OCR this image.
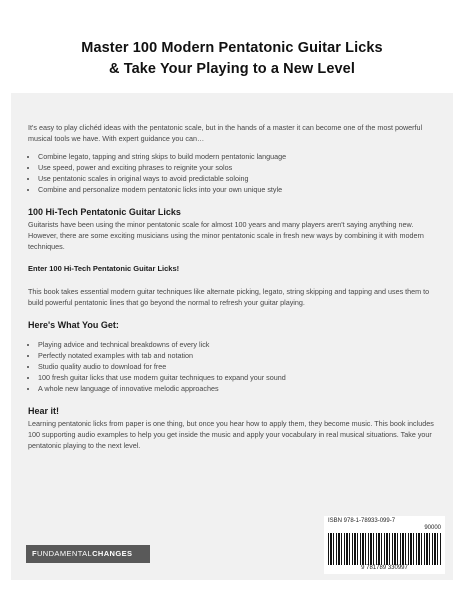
Master 100 Modern Pentatonic Guitar Licks
& Take Your Playing to a New Level

It's easy to play clichéd ideas with the pentatonic scale, but in the hands of a master it can become one of the most powerful musical tools we have. With expert guidance you can…

• Combine legato, tapping and string skips to build modern pentatonic language
• Use speed, power and exciting phrases to reignite your solos
• Use pentatonic scales in original ways to avoid predictable soloing
• Combine and personalize modern pentatonic licks into your own unique style

100 Hi-Tech Pentatonic Guitar Licks

Guitarists have been using the minor pentatonic scale for almost 100 years and many players aren't saying anything new. However, there are some exciting musicians using the minor pentatonic scale in fresh new ways by combining it with modern techniques.

Enter 100 Hi-Tech Pentatonic Guitar Licks!

This book takes essential modern guitar techniques like alternate picking, legato, string skipping and tapping and uses them to build powerful pentatonic lines that go beyond the normal to refresh your guitar playing.

Here's What You Get:

• Playing advice and technical breakdowns of every lick
• Perfectly notated examples with tab and notation
• Studio quality audio to download for free
• 100 fresh guitar licks that use modern guitar techniques to expand your sound
• A whole new language of innovative melodic approaches

Hear it!

Learning pentatonic licks from paper is one thing, but once you hear how to apply them, they become music. This book includes 100 supporting audio examples to help you get inside the music and apply your vocabulary in real musical situations. Take your pentatonic playing to the next level.

FUNDAMENTALCHANGES
ISBN 978-1-78933-099-7
90000
9 781789 330997
